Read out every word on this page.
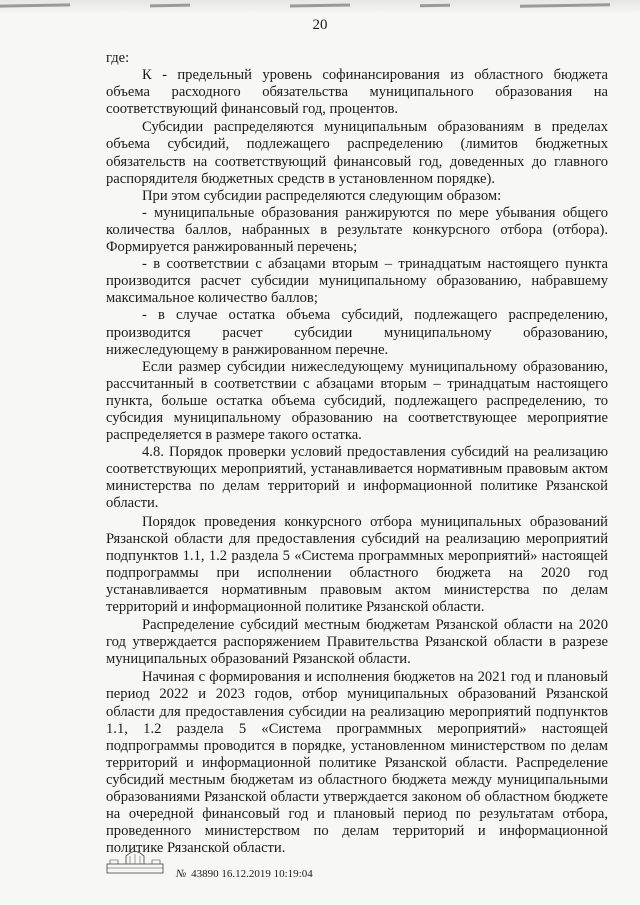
20

где:

К - предельный уровень софинансирования из областного бюджета объема расходного обязательства муниципального образования на соответствующий финансовый год, процентов.

Субсидии распределяются муниципальным образованиям в пределах объема субсидий, подлежащего распределению (лимитов бюджетных обязательств на соответствующий финансовый год, доведенных до главного распорядителя бюджетных средств в установленном порядке).

При этом субсидии распределяются следующим образом:

- муниципальные образования ранжируются по мере убывания общего количества баллов, набранных в результате конкурсного отбора (отбора). Формируется ранжированный перечень;

- в соответствии с абзацами вторым – тринадцатым настоящего пункта производится расчет субсидии муниципальному образованию, набравшему максимальное количество баллов;

- в случае остатка объема субсидий, подлежащего распределению, производится расчет субсидии муниципальному образованию, нижеследующему в ранжированном перечне.

Если размер субсидии нижеследующему муниципальному образованию, рассчитанный в соответствии с абзацами вторым – тринадцатым настоящего пункта, больше остатка объема субсидий, подлежащего распределению, то субсидия муниципальному образованию на соответствующее мероприятие распределяется в размере такого остатка.

4.8. Порядок проверки условий предоставления субсидий на реализацию соответствующих мероприятий, устанавливается нормативным правовым актом министерства по делам территорий и информационной политике Рязанской области.

Порядок проведения конкурсного отбора муниципальных образований Рязанской области для предоставления субсидий на реализацию мероприятий подпунктов 1.1, 1.2 раздела 5 «Система программных мероприятий» настоящей подпрограммы при исполнении областного бюджета на 2020 год устанавливается нормативным правовым актом министерства по делам территорий и информационной политике Рязанской области.

Распределение субсидий местным бюджетам Рязанской области на 2020 год утверждается распоряжением Правительства Рязанской области в разрезе муниципальных образований Рязанской области.

Начиная с формирования и исполнения бюджетов на 2021 год и плановый период 2022 и 2023 годов, отбор муниципальных образований Рязанской области для предоставления субсидии на реализацию мероприятий подпунктов 1.1, 1.2 раздела 5 «Система программных мероприятий» настоящей подпрограммы проводится в порядке, установленном министерством по делам территорий и информационной политике Рязанской области. Распределение субсидий местным бюджетам из областного бюджета между муниципальными образованиями Рязанской области утверждается законом об областном бюджете на очередной финансовый год и плановый период по результатам отбора, проведенного министерством по делам территорий и информационной политике Рязанской области.

№ 43890 16.12.2019 10:19:04
